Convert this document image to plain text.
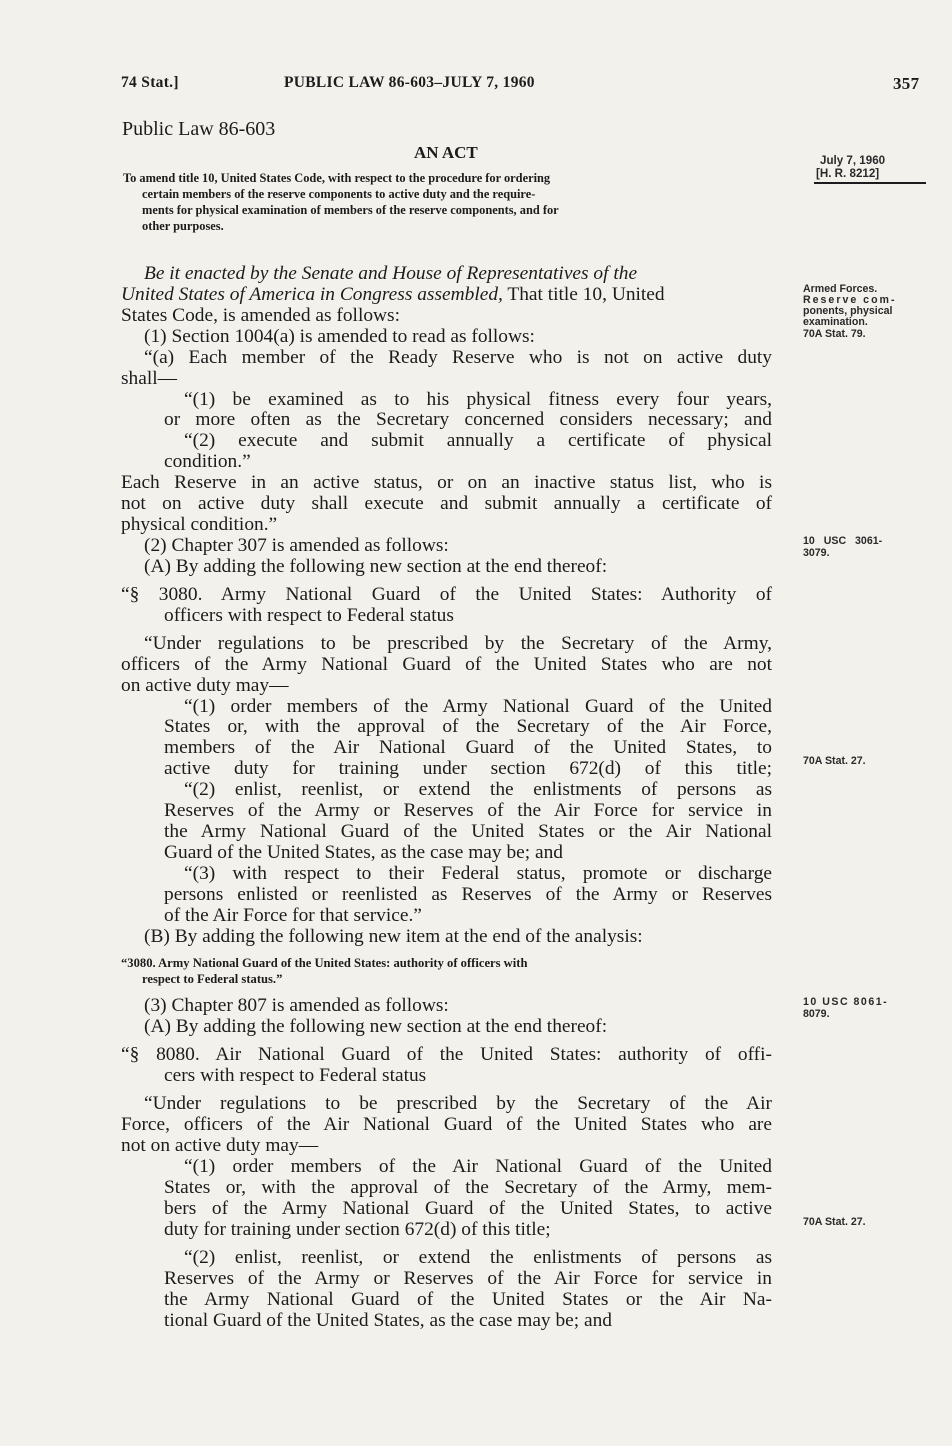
74 Stat.]	PUBLIC LAW 86-603–JULY 7, 1960	357
Public Law 86-603
AN ACT
To amend title 10, United States Code, with respect to the procedure for ordering
certain members of the reserve components to active duty and the require-
ments for physical examination of members of the reserve components, and for
other purposes.
July 7, 1960
[H. R. 8212]
Armed Forces.
Reserve com-
ponents, physical
examination.
70A Stat. 79.
10 USC 3061-
3079.
70A Stat. 27.
10 USC 8061-
8079.
70A Stat. 27.
Be it enacted by the Senate and House of Representatives of the
United States of America in Congress assembled, That title 10, United
States Code, is amended as follows:
(1) Section 1004(a) is amended to read as follows:
“(a) Each member of the Ready Reserve who is not on active duty
shall—
“(1) be examined as to his physical fitness every four years,
or more often as the Secretary concerned considers necessary; and
“(2) execute and submit annually a certificate of physical
condition.”
Each Reserve in an active status, or on an inactive status list, who is
not on active duty shall execute and submit annually a certificate of
physical condition.”
(2) Chapter 307 is amended as follows:
(A) By adding the following new section at the end thereof:
“§ 3080. Army National Guard of the United States: Authority of
officers with respect to Federal status
“Under regulations to be prescribed by the Secretary of the Army,
officers of the Army National Guard of the United States who are not
on active duty may—
“(1) order members of the Army National Guard of the United
States or, with the approval of the Secretary of the Air Force,
members of the Air National Guard of the United States, to
active duty for training under section 672(d) of this title;
“(2) enlist, reenlist, or extend the enlistments of persons as
Reserves of the Army or Reserves of the Air Force for service in
the Army National Guard of the United States or the Air National
Guard of the United States, as the case may be; and
“(3) with respect to their Federal status, promote or discharge
persons enlisted or reenlisted as Reserves of the Army or Reserves
of the Air Force for that service.”
(B) By adding the following new item at the end of the analysis:
“3080. Army National Guard of the United States: authority of officers with
respect to Federal status.”
(3) Chapter 807 is amended as follows:
(A) By adding the following new section at the end thereof:
“§ 8080. Air National Guard of the United States: authority of offi-
cers with respect to Federal status
“Under regulations to be prescribed by the Secretary of the Air
Force, officers of the Air National Guard of the United States who are
not on active duty may—
“(1) order members of the Air National Guard of the United
States or, with the approval of the Secretary of the Army, mem-
bers of the Army National Guard of the United States, to active
duty for training under section 672(d) of this title;
“(2) enlist, reenlist, or extend the enlistments of persons as
Reserves of the Army or Reserves of the Air Force for service in
the Army National Guard of the United States or the Air Na-
tional Guard of the United States, as the case may be; and
